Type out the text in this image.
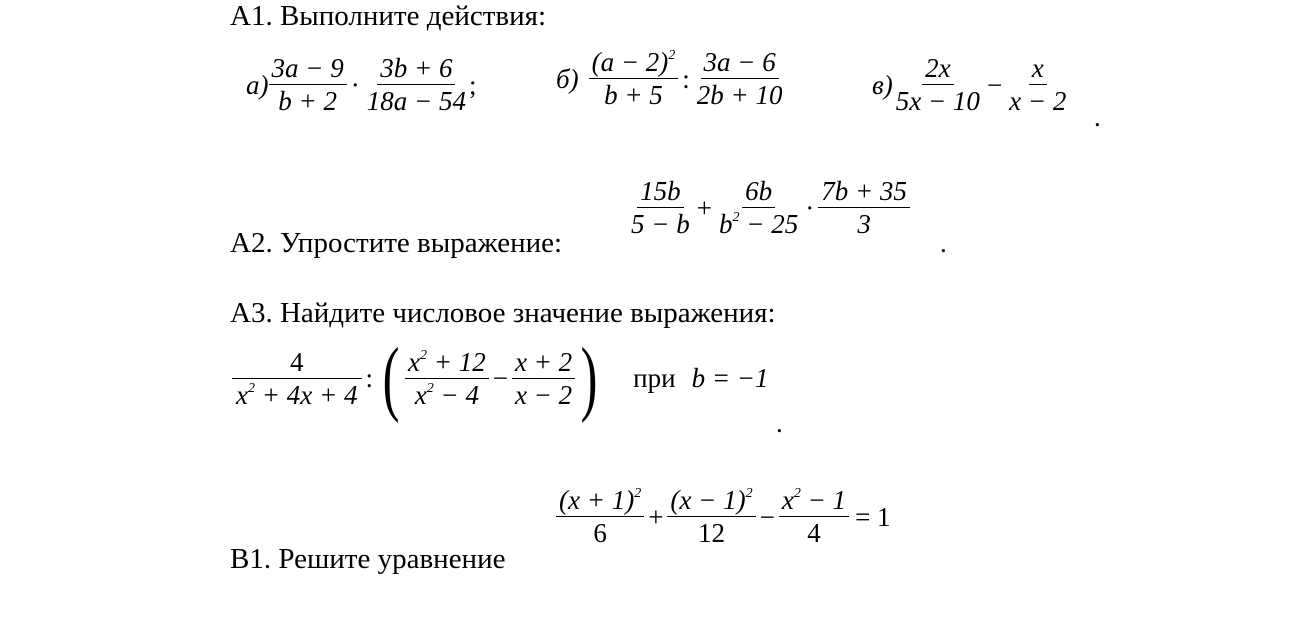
А1. Выполните действия:
$а) \frac{3a - 9}{b + 2} \cdot \frac{3b + 6}{18a - 54}$ ;	$б) \frac{(a - 2)^2}{b + 5}$ : $\frac{3a - 6}{2b + 10}$	$в) \frac{2x}{5x - 10} - \frac{x}{x - 2}$ .
А2. Упростите выражение:
$\frac{15b}{5 - b} + \frac{6b}{b^2 - 25} \cdot \frac{7b + 35}{3}$
.
А3. Найдите числовое значение выражения:
$\frac{4}{x^2 + 4x + 4}$ : ( $\frac{x^2 + 12}{x^2 - 4} - \frac{x + 2}{x - 2}$ ) при b = −1
.
В1. Решите уравнение
$\frac{(x + 1)^2}{6} + \frac{(x - 1)^2}{12} - \frac{x^2 - 1}{4} = 1$
